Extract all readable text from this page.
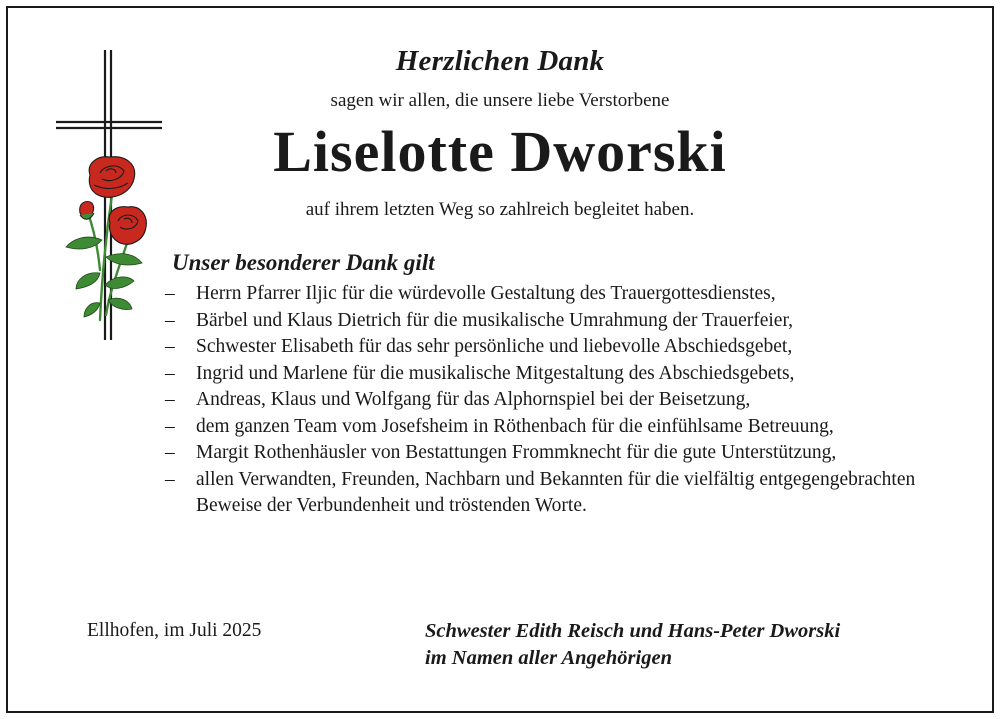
Herzlichen Dank
sagen wir allen, die unsere liebe Verstorbene
Liselotte Dworski
auf ihrem letzten Weg so zahlreich begleitet haben.
Unser besonderer Dank gilt
– Herrn Pfarrer Iljic für die würdevolle Gestaltung des Trauergottesdienstes,
– Bärbel und Klaus Dietrich für die musikalische Umrahmung der Trauerfeier,
– Schwester Elisabeth für das sehr persönliche und liebevolle Abschiedsgebet,
– Ingrid und Marlene für die musikalische Mitgestaltung des Abschiedsgebets,
– Andreas, Klaus und Wolfgang für das Alphornspiel bei der Beisetzung,
– dem ganzen Team vom Josefsheim in Röthenbach für die einfühlsame Betreuung,
– Margit Rothenhäusler von Bestattungen Frommknecht für die gute Unterstützung,
– allen Verwandten, Freunden, Nachbarn und Bekannten für die vielfältig entgegengebrachten Beweise der Verbundenheit und tröstenden Worte.
Ellhofen, im Juli 2025	Schwester Edith Reisch und Hans-Peter Dworski
im Namen aller Angehörigen
